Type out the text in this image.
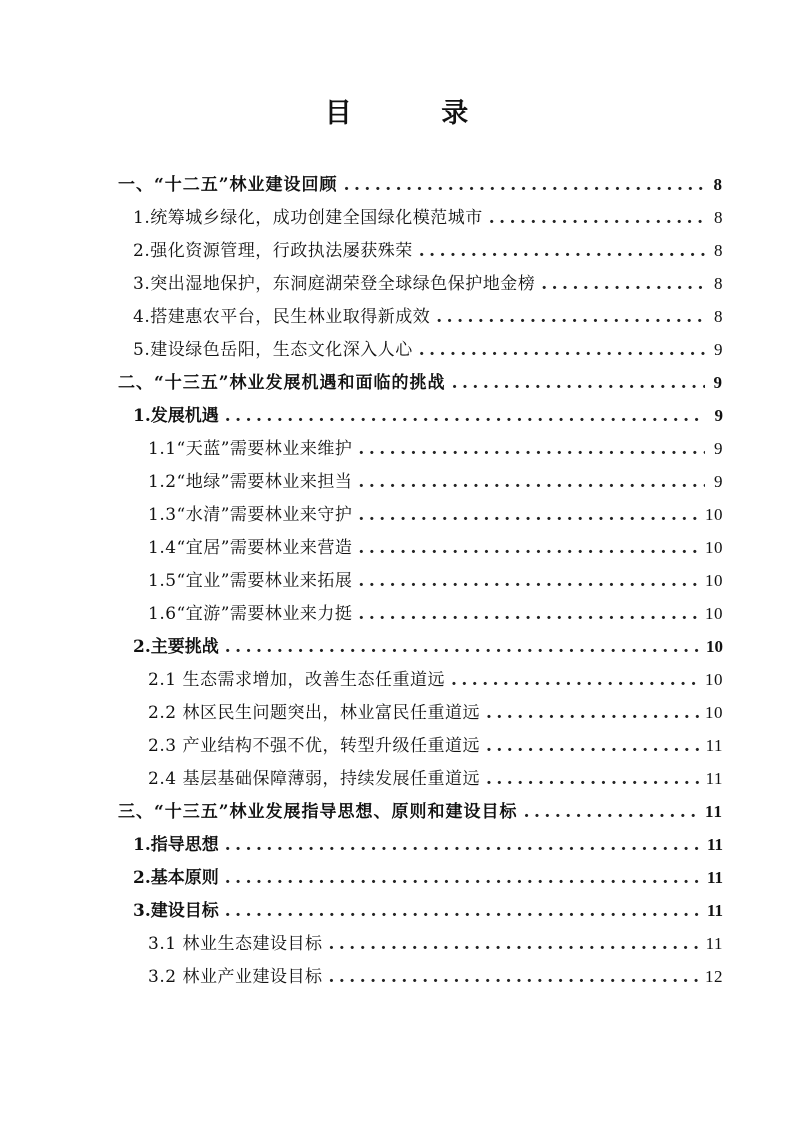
目 录
一、“十二五”林业建设回顾 .....	8
1.统筹城乡绿化，成功创建全国绿化模范城市 .....	8
2.强化资源管理，行政执法屡获殊荣 .....	8
3.突出湿地保护，东洞庭湖荣登全球绿色保护地金榜 .....	8
4.搭建惠农平台，民生林业取得新成效 .....	8
5.建设绿色岳阳，生态文化深入人心 .....	9
二、“十三五”林业发展机遇和面临的挑战 .....	9
1.发展机遇 .....	9
1.1“天蓝”需要林业来维护 .....	9
1.2“地绿”需要林业来担当 .....	9
1.3“水清”需要林业来守护 .....	10
1.4“宜居”需要林业来营造 .....	10
1.5“宜业”需要林业来拓展 .....	10
1.6“宜游”需要林业来力挺 .....	10
2.主要挑战 .....	10
2.1 生态需求增加，改善生态任重道远 .....	10
2.2 林区民生问题突出，林业富民任重道远 .....	10
2.3 产业结构不强不优，转型升级任重道远 .....	11
2.4 基层基础保障薄弱，持续发展任重道远 .....	11
三、“十三五”林业发展指导思想、原则和建设目标 .....	11
1.指导思想 .....	11
2.基本原则 .....	11
3.建设目标 .....	11
3.1 林业生态建设目标 .....	11
3.2 林业产业建设目标 .....	12
